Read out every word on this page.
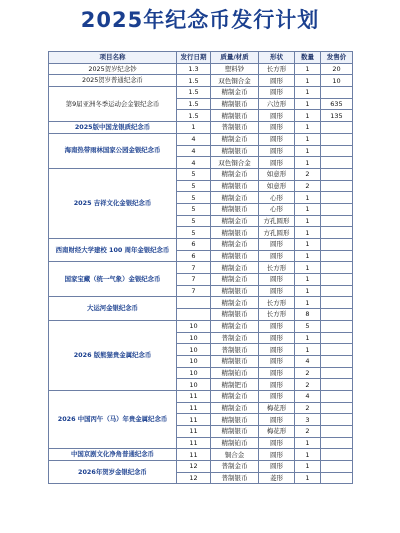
2025年纪念币发行计划
项目名称	发行日期	质量/材质	形状	数量	发售价
2025贺岁纪念钞	1.3	塑料钞	长方形	1	20
2025贺岁普通纪念币	1.5	双色铜合金	圆形	1	10
第9届亚洲冬季运动会金银纪念币	1.5	精制金币	圆形	1	
	1.5	精制银币	六边形	1	635
	1.5	精制银币	圆形	1	135
2025版中国龙银质纪念币	1	普制银币	圆形	1	
海南热带雨林国家公园金银纪念币	4	精制金币	圆形	1	
	4	精制银币	圆形	1	
	4	双色铜合金	圆形	1	
2025 吉祥文化金银纪念币	5	精制金币	如意形	2	
	5	精制银币	如意形	2	
	5	精制金币	心形	1	
	5	精制银币	心形	1	
	5	精制金币	方孔圆形	1	
	5	精制银币	方孔圆形	1	
西南财经大学建校 100 周年金银纪念币	6	精制金币	圆形	1	
	6	精制银币	圆形	1	
国家宝藏（统一气象）金银纪念币	7	精制金币	长方形	1	
	7	精制金币	圆形	1	
	7	精制银币	圆形	1	
大运河金银纪念币		精制金币	长方形	1	
		精制银币	长方形	8	
2026 版熊猫贵金属纪念币	10	精制金币	圆形	5	
	10	普制金币	圆形	1	
	10	普制银币	圆形	1	
	10	精制银币	圆形	4	
	10	精制铂币	圆形	2	
	10	精制钯币	圆形	2	
2026 中国丙午（马）年贵金属纪念币	11	精制金币	圆形	4	
	11	精制金币	梅花形	2	
	11	精制银币	圆形	3	
	11	精制银币	梅花形	2	
	11	精制铂币	圆形	1	
中国京剧文化净角普通纪念币	11	铜合金	圆形	1	
2026年贺岁金银纪念币	12	普制金币	圆形	1	
	12	普制银币	菱形	1	
